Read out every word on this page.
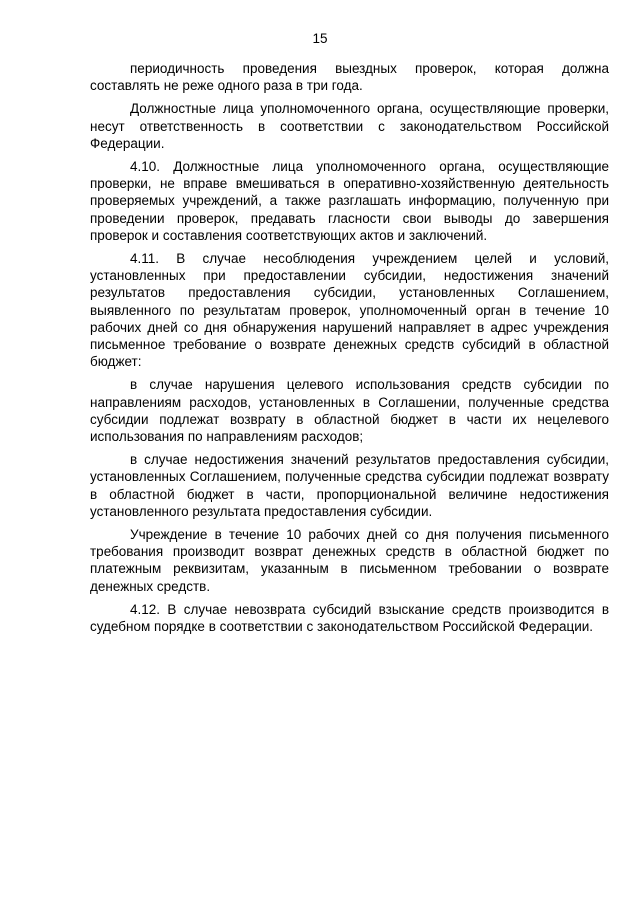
15

периодичность проведения выездных проверок, которая должна составлять не реже одного раза в три года.

Должностные лица уполномоченного органа, осуществляющие проверки, несут ответственность в соответствии с законодательством Российской Федерации.

4.10. Должностные лица уполномоченного органа, осуществляющие проверки, не вправе вмешиваться в оперативно-хозяйственную деятельность проверяемых учреждений, а также разглашать информацию, полученную при проведении проверок, предавать гласности свои выводы до завершения проверок и составления соответствующих актов и заключений.

4.11. В случае несоблюдения учреждением целей и условий, установленных при предоставлении субсидии, недостижения значений результатов предоставления субсидии, установленных Соглашением, выявленного по результатам проверок, уполномоченный орган в течение 10 рабочих дней со дня обнаружения нарушений направляет в адрес учреждения письменное требование о возврате денежных средств субсидий в областной бюджет:

в случае нарушения целевого использования средств субсидии по направлениям расходов, установленных в Соглашении, полученные средства субсидии подлежат возврату в областной бюджет в части их нецелевого использования по направлениям расходов;

в случае недостижения значений результатов предоставления субсидии, установленных Соглашением, полученные средства субсидии подлежат возврату в областной бюджет в части, пропорциональной величине недостижения установленного результата предоставления субсидии.

Учреждение в течение 10 рабочих дней со дня получения письменного требования производит возврат денежных средств в областной бюджет по платежным реквизитам, указанным в письменном требовании о возврате денежных средств.

4.12. В случае невозврата субсидий взыскание средств производится в судебном порядке в соответствии с законодательством Российской Федерации.
